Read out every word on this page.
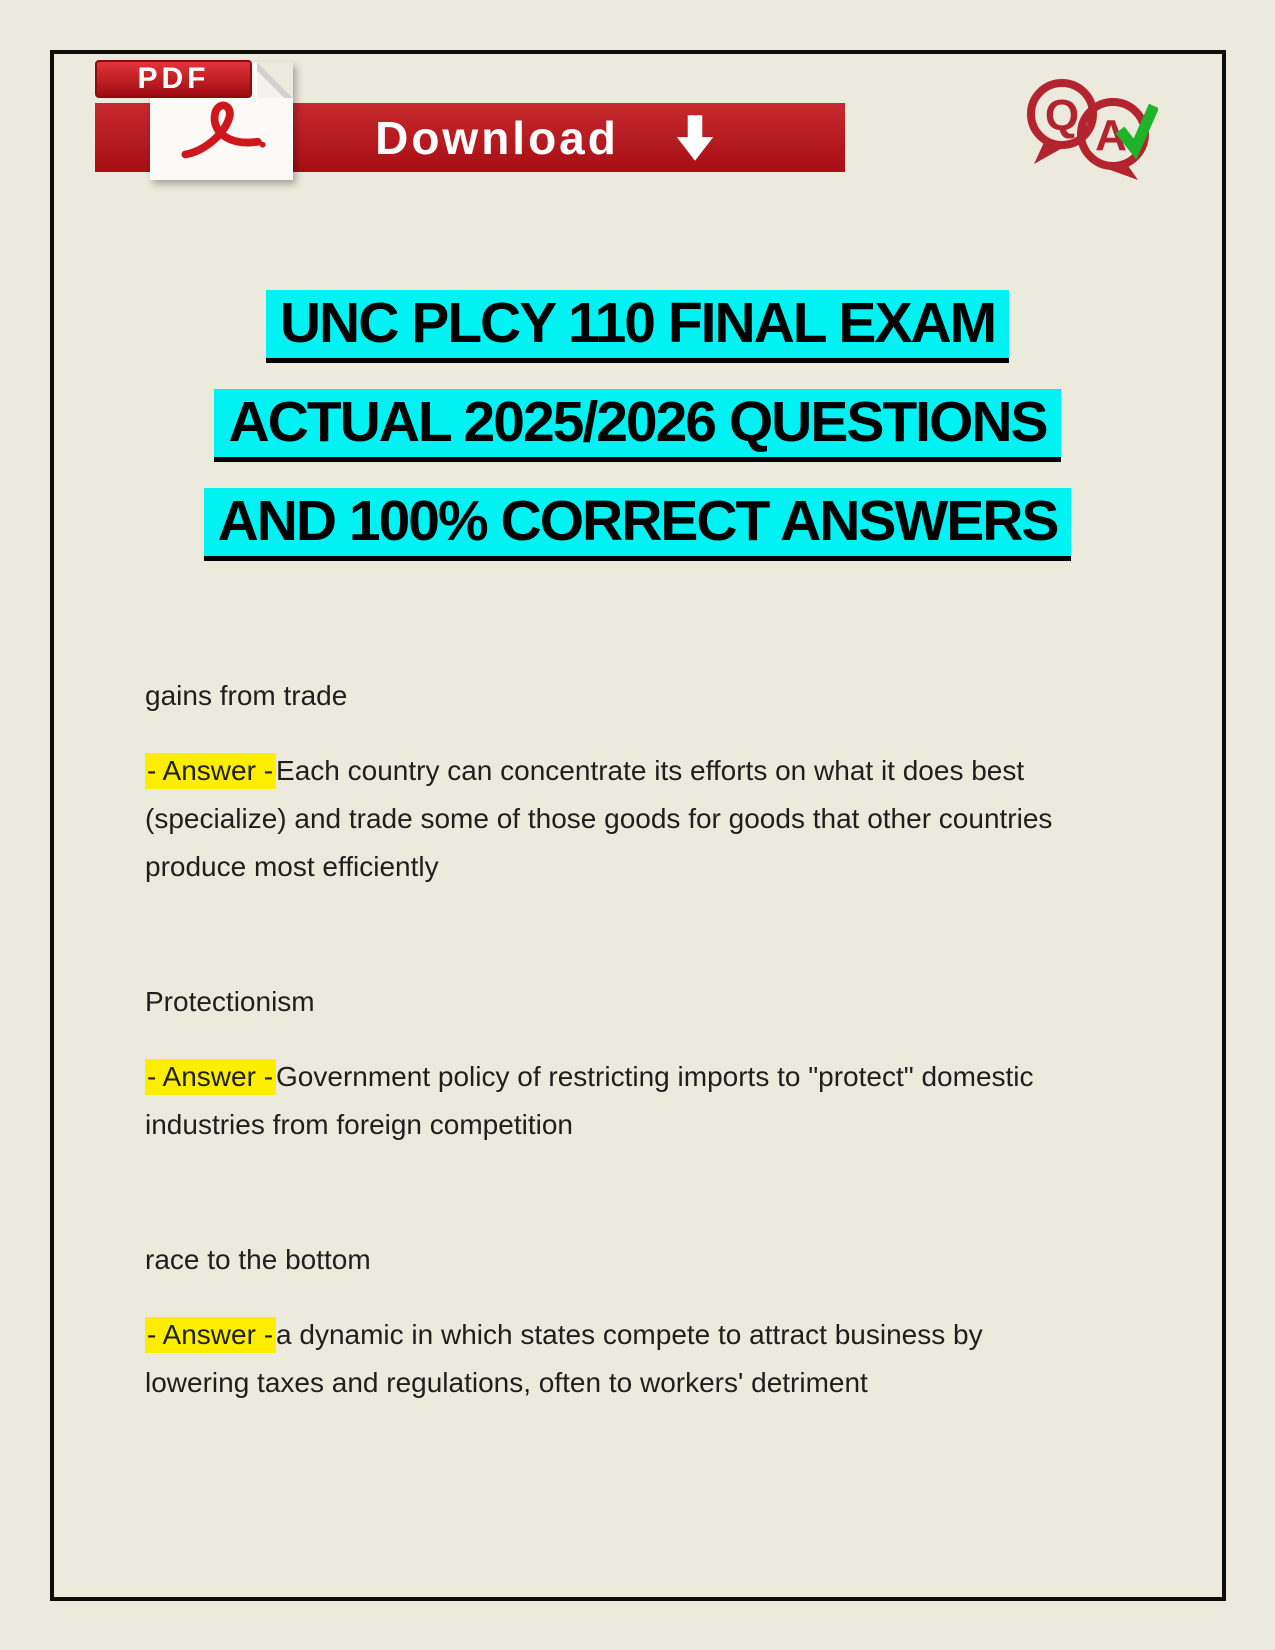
Download
PDF
Q A
UNC PLCY 110 FINAL EXAM
ACTUAL 2025/2026 QUESTIONS
AND 100% CORRECT ANSWERS

gains from trade

- Answer - Each country can concentrate its efforts on what it does best (specialize) and trade some of those goods for goods that other countries produce most efficiently

Protectionism

- Answer - Government policy of restricting imports to "protect" domestic industries from foreign competition

race to the bottom

- Answer - a dynamic in which states compete to attract business by lowering taxes and regulations, often to workers' detriment
